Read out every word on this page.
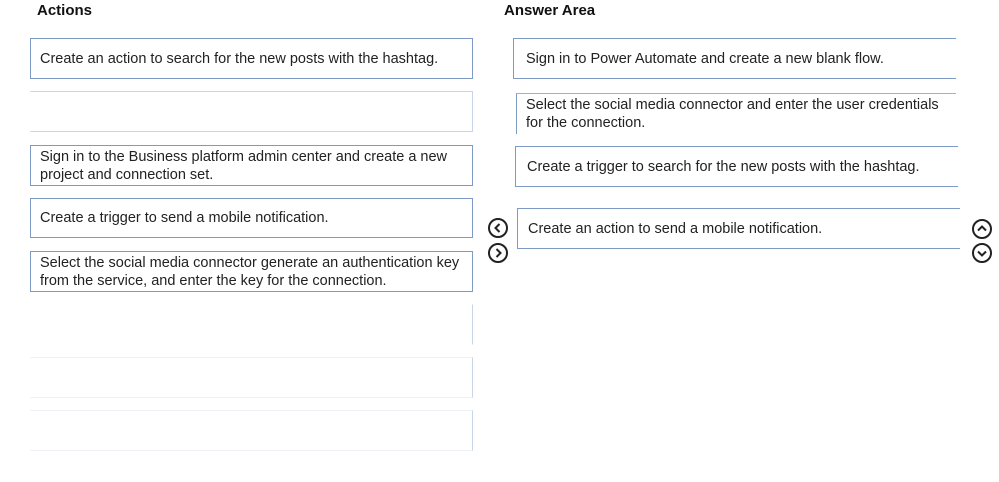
Actions	Answer Area
Create an action to search for the new posts with the hashtag.
Sign in to the Business platform admin center and create a new project and connection set.
Create a trigger to send a mobile notification.
Select the social media connector generate an authentication key from the service, and enter the key for the connection.
Sign in to Power Automate and create a new blank flow.
Select the social media connector and enter the user credentials for the connection.
Create a trigger to search for the new posts with the hashtag.
Create an action to send a mobile notification.
